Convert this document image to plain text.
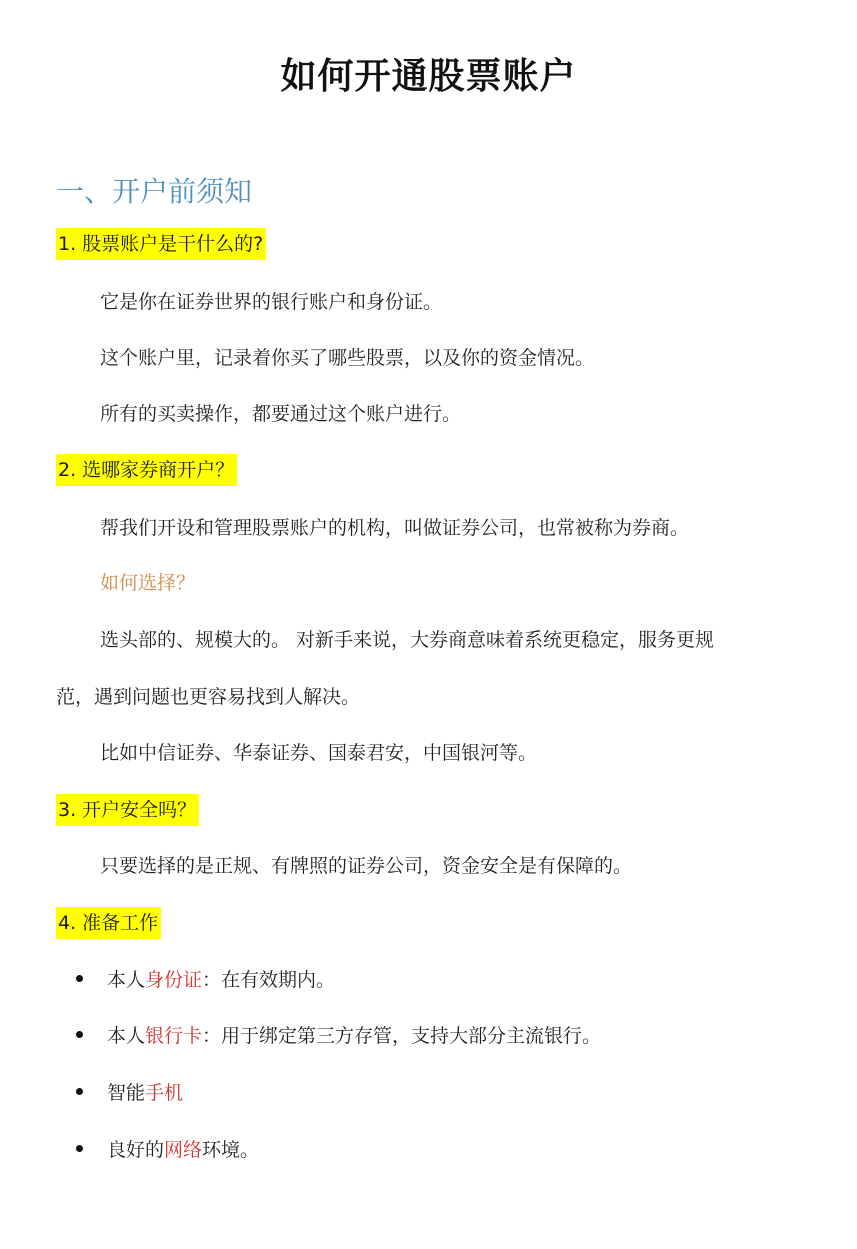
如何开通股票账户
一、开户前须知
1. 股票账户是干什么的?
它是你在证券世界的银行账户和身份证。
这个账户里，记录着你买了哪些股票，以及你的资金情况。
所有的买卖操作，都要通过这个账户进行。
2. 选哪家券商开户？
帮我们开设和管理股票账户的机构，叫做证券公司，也常被称为券商。
如何选择？
选头部的、规模大的。 对新手来说，大券商意味着系统更稳定，服务更规
范，遇到问题也更容易找到人解决。
比如中信证券、华泰证券、国泰君安，中国银河等。
3. 开户安全吗？
只要选择的是正规、有牌照的证券公司，资金安全是有保障的。
4. 准备工作
本人身份证：在有效期内。
本人银行卡：用于绑定第三方存管，支持大部分主流银行。
智能手机
良好的网络环境。
